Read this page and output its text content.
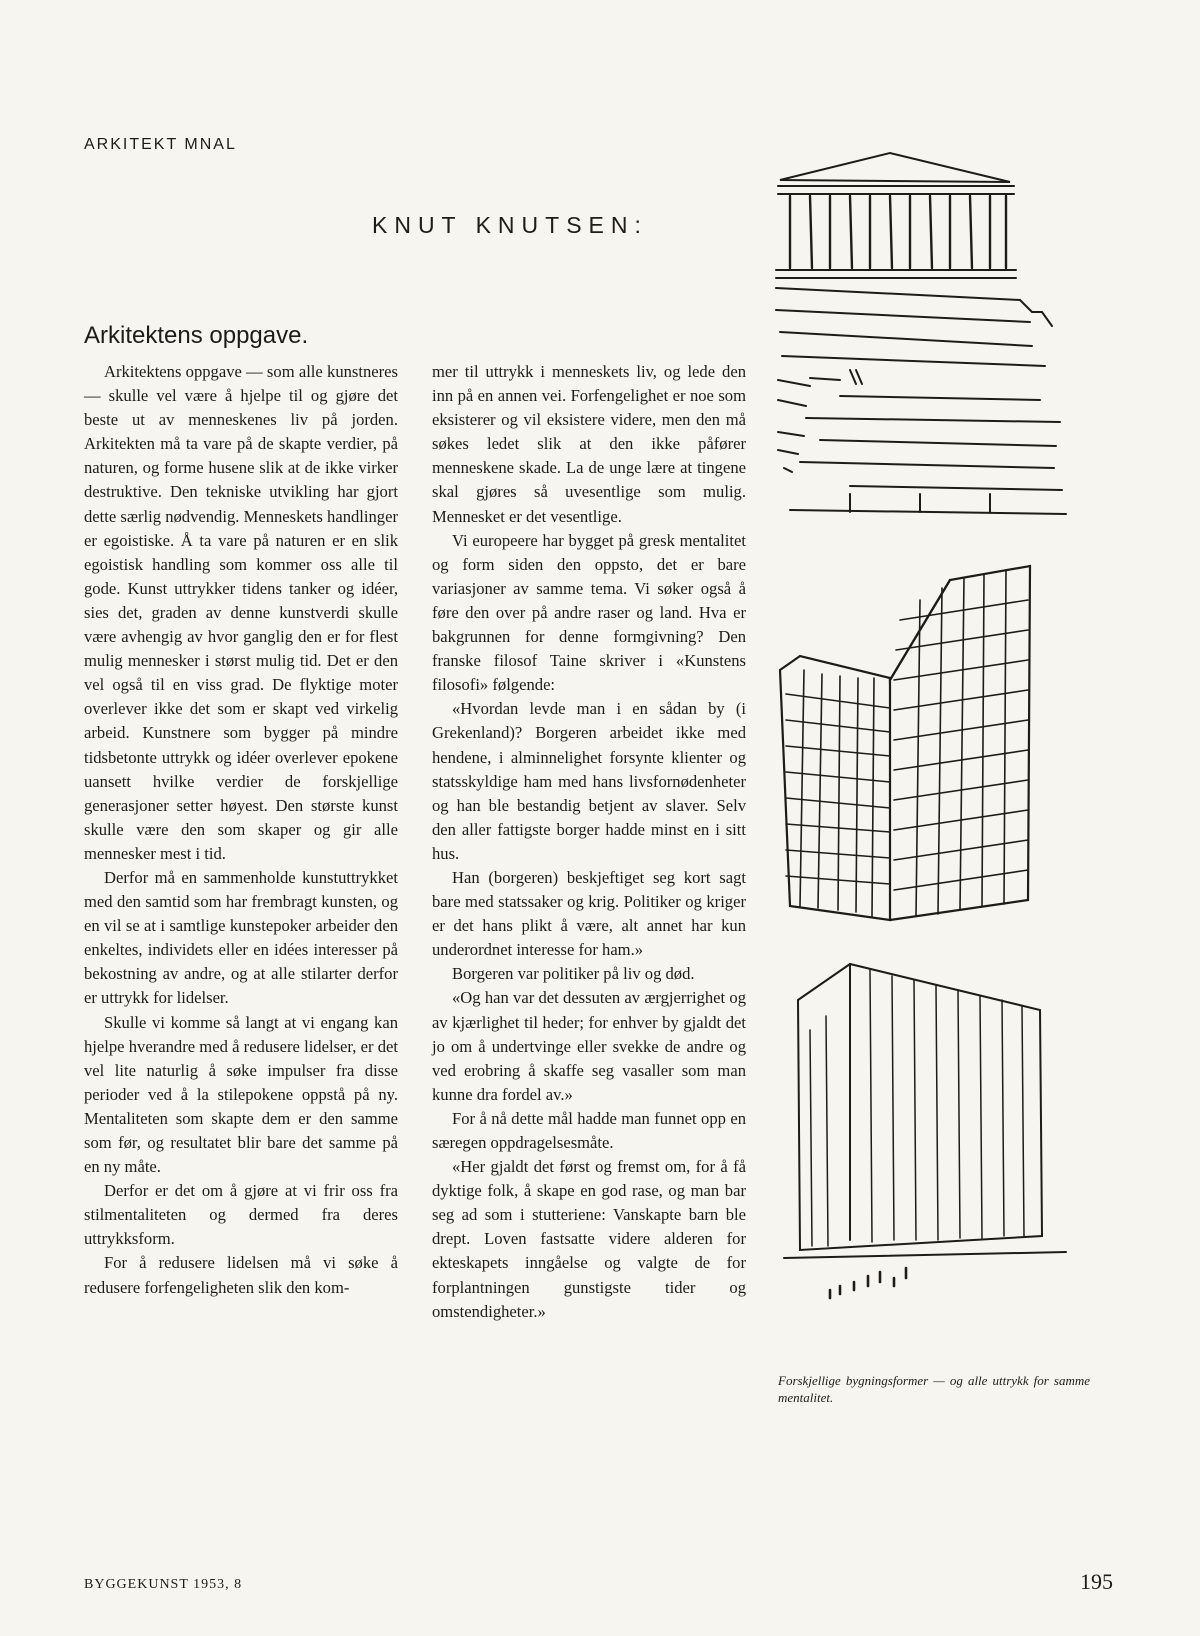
ARKITEKT MNAL
KNUT KNUTSEN:
Arkitektens oppgave.

Arkitektens oppgave — som alle kunstneres — skulle vel være å hjelpe til og gjøre det beste ut av menneskenes liv på jorden. Arkitekten må ta vare på de skapte verdier, på naturen, og forme husene slik at de ikke virker destruktive. Den tekniske utvikling har gjort dette særlig nødvendig. Menneskets handlinger er egoistiske. Å ta vare på naturen er en slik egoistisk handling som kommer oss alle til gode. Kunst uttrykker tidens tanker og idéer, sies det, graden av denne kunstverdi skulle være avhengig av hvor ganglig den er for flest mulig mennesker i størst mulig tid. Det er den vel også til en viss grad. De flyktige moter overlever ikke det som er skapt ved virkelig arbeid. Kunstnere som bygger på mindre tidsbetonte uttrykk og idéer overlever epokene uansett hvilke verdier de forskjellige generasjoner setter høyest. Den største kunst skulle være den som skaper og gir alle mennesker mest i tid.

Derfor må en sammenholde kunstuttrykket med den samtid som har frembragt kunsten, og en vil se at i samtlige kunstepoker arbeider den enkeltes, individets eller en idées interesser på bekostning av andre, og at alle stilarter derfor er uttrykk for lidelser.

Skulle vi komme så langt at vi engang kan hjelpe hverandre med å redusere lidelser, er det vel lite naturlig å søke impulser fra disse perioder ved å la stilepokene oppstå på ny. Mentaliteten som skapte dem er den samme som før, og resultatet blir bare det samme på en ny måte.

Derfor er det om å gjøre at vi frir oss fra stilmentaliteten og dermed fra deres uttrykksform.

For å redusere lidelsen må vi søke å redusere forfengeligheten slik den kom-

mer til uttrykk i menneskets liv, og lede den inn på en annen vei. Forfengelighet er noe som eksisterer og vil eksistere videre, men den må søkes ledet slik at den ikke påfører menneskene skade. La de unge lære at tingene skal gjøres så uvesentlige som mulig. Mennesket er det vesentlige.

Vi europeere har bygget på gresk mentalitet og form siden den oppsto, det er bare variasjoner av samme tema. Vi søker også å føre den over på andre raser og land. Hva er bakgrunnen for denne formgivning? Den franske filosof Taine skriver i «Kunstens filosofi» følgende:

«Hvordan levde man i en sådan by (i Grekenland)? Borgeren arbeidet ikke med hendene, i alminnelighet forsynte klienter og statsskyldige ham med hans livsfornødenheter og han ble bestandig betjent av slaver. Selv den aller fattigste borger hadde minst en i sitt hus.

Han (borgeren) beskjeftiget seg kort sagt bare med statssaker og krig. Politiker og kriger er det hans plikt å være, alt annet har kun underordnet interesse for ham.»

Borgeren var politiker på liv og død.

«Og han var det dessuten av ærgjerrighet og av kjærlighet til heder; for enhver by gjaldt det jo om å undertvinge eller svekke de andre og ved erobring å skaffe seg vasaller som man kunne dra fordel av.»

For å nå dette mål hadde man funnet opp en særegen oppdragelsesmåte.

«Her gjaldt det først og fremst om, for å få dyktige folk, å skape en god rase, og man bar seg ad som i stutteriene: Vanskapte barn ble drept. Loven fastsatte videre alderen for ekteskapets inngåelse og valgte de for forplantningen gunstigste tider og omstendigheter.»

Forskjellige bygningsformer — og alle uttrykk for samme mentalitet.
BYGGEKUNST 1953, 8	195
